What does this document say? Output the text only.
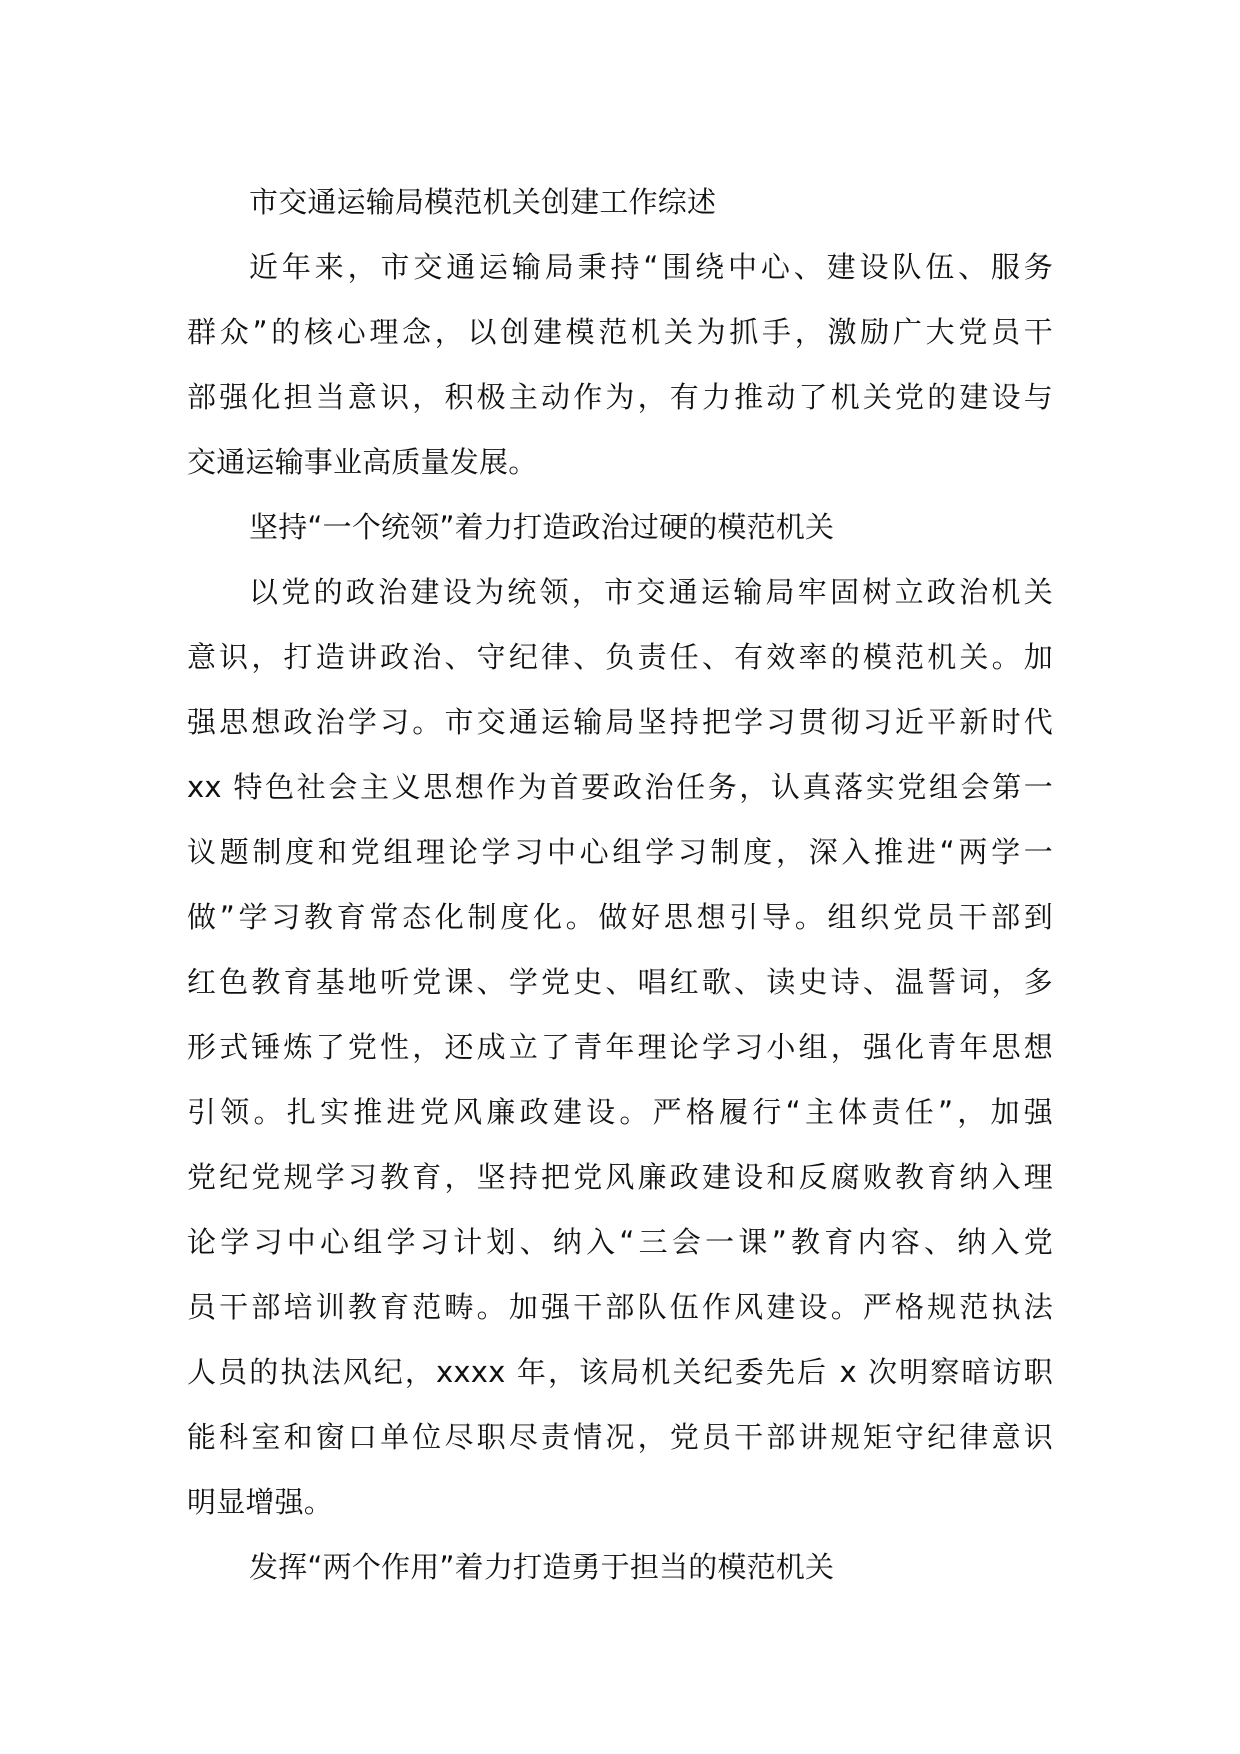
市交通运输局模范机关创建工作综述
近年来，市交通运输局秉持“围绕中心、建设队伍、服务
群众”的核心理念，以创建模范机关为抓手，激励广大党员干
部强化担当意识，积极主动作为，有力推动了机关党的建设与
交通运输事业高质量发展。
坚持“一个统领”着力打造政治过硬的模范机关
以党的政治建设为统领，市交通运输局牢固树立政治机关
意识，打造讲政治、守纪律、负责任、有效率的模范机关。加
强思想政治学习。市交通运输局坚持把学习贯彻习近平新时代
xx 特色社会主义思想作为首要政治任务，认真落实党组会第一
议题制度和党组理论学习中心组学习制度，深入推进“两学一
做”学习教育常态化制度化。做好思想引导。组织党员干部到
红色教育基地听党课、学党史、唱红歌、读史诗、温誓词，多
形式锤炼了党性，还成立了青年理论学习小组，强化青年思想
引领。扎实推进党风廉政建设。严格履行“主体责任”，加强
党纪党规学习教育，坚持把党风廉政建设和反腐败教育纳入理
论学习中心组学习计划、纳入“三会一课”教育内容、纳入党
员干部培训教育范畴。加强干部队伍作风建设。严格规范执法
人员的执法风纪，xxxx 年，该局机关纪委先后 x 次明察暗访职
能科室和窗口单位尽职尽责情况，党员干部讲规矩守纪律意识
明显增强。
发挥“两个作用”着力打造勇于担当的模范机关
